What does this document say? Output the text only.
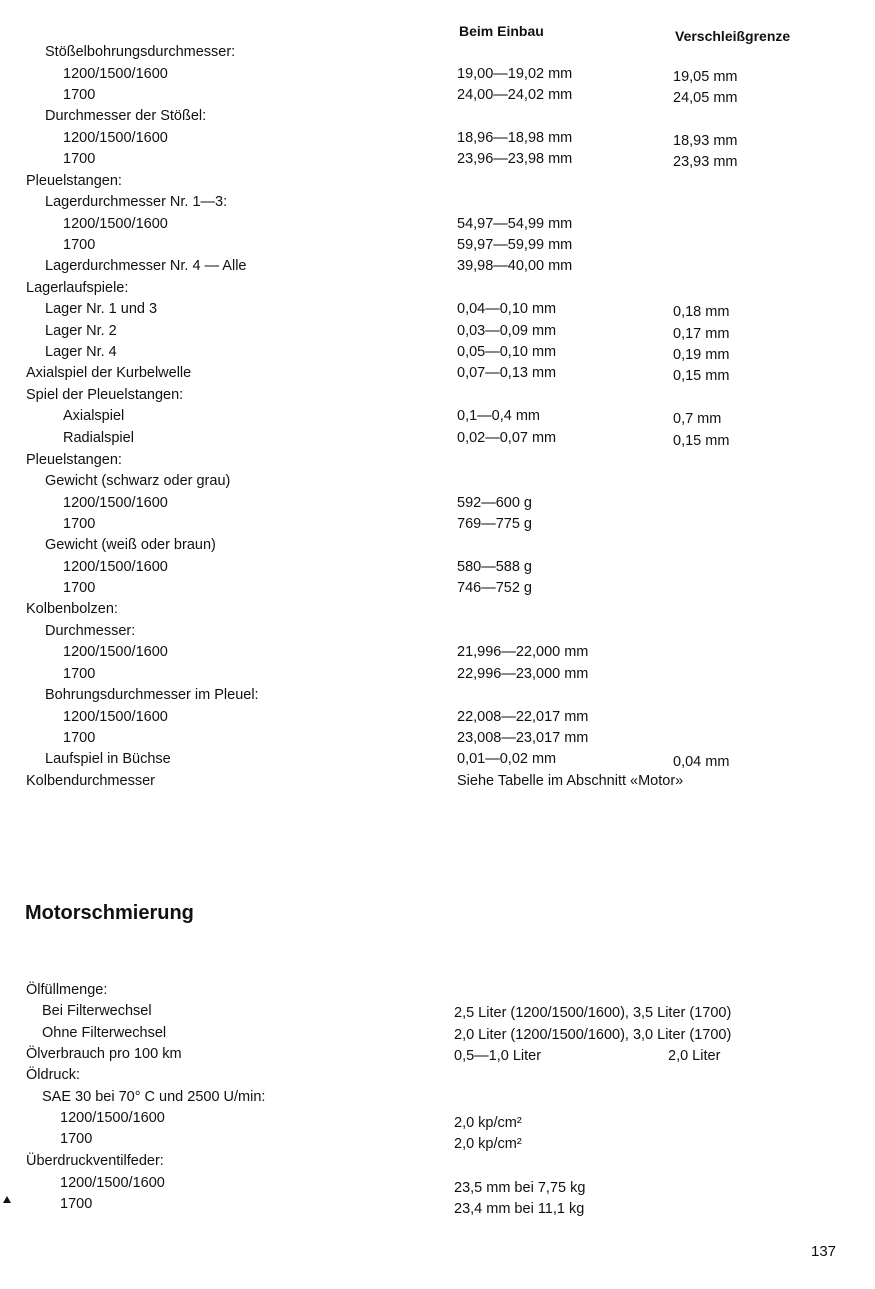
Beim Einbau	Verschleißgrenze
Stößelbohrungsdurchmesser:
1200/1500/1600	19,00—19,02 mm	19,05 mm
1700	24,00—24,02 mm	24,05 mm
Durchmesser der Stößel:
1200/1500/1600	18,96—18,98 mm	18,93 mm
1700	23,96—23,98 mm	23,93 mm
Pleuelstangen:
Lagerdurchmesser Nr. 1—3:
1200/1500/1600	54,97—54,99 mm
1700	59,97—59,99 mm
Lagerdurchmesser Nr. 4 — Alle	39,98—40,00 mm
Lagerlaufspiele:
Lager Nr. 1 und 3	0,04—0,10 mm	0,18 mm
Lager Nr. 2	0,03—0,09 mm	0,17 mm
Lager Nr. 4	0,05—0,10 mm	0,19 mm
Axialspiel der Kurbelwelle	0,07—0,13 mm	0,15 mm
Spiel der Pleuelstangen:
Axialspiel	0,1—0,4 mm	0,7 mm
Radialspiel	0,02—0,07 mm	0,15 mm
Pleuelstangen:
Gewicht (schwarz oder grau)
1200/1500/1600	592—600 g
1700	769—775 g
Gewicht (weiß oder braun)
1200/1500/1600	580—588 g
1700	746—752 g
Kolbenbolzen:
Durchmesser:
1200/1500/1600	21,996—22,000 mm
1700	22,996—23,000 mm
Bohrungsdurchmesser im Pleuel:
1200/1500/1600	22,008—22,017 mm
1700	23,008—23,017 mm
Laufspiel in Büchse	0,01—0,02 mm	0,04 mm
Kolbendurchmesser	Siehe Tabelle im Abschnitt «Motor»
Motorschmierung
Ölfüllmenge:
Bei Filterwechsel	2,5 Liter (1200/1500/1600), 3,5 Liter (1700)
Ohne Filterwechsel	2,0 Liter (1200/1500/1600), 3,0 Liter (1700)
Ölverbrauch pro 100 km	0,5—1,0 Liter	2,0 Liter
Öldruck:
SAE 30 bei 70° C und 2500 U/min:
1200/1500/1600	2,0 kp/cm²
1700	2,0 kp/cm²
Überdruckventilfeder:
1200/1500/1600	23,5 mm bei 7,75 kg
1700	23,4 mm bei 11,1 kg
137
